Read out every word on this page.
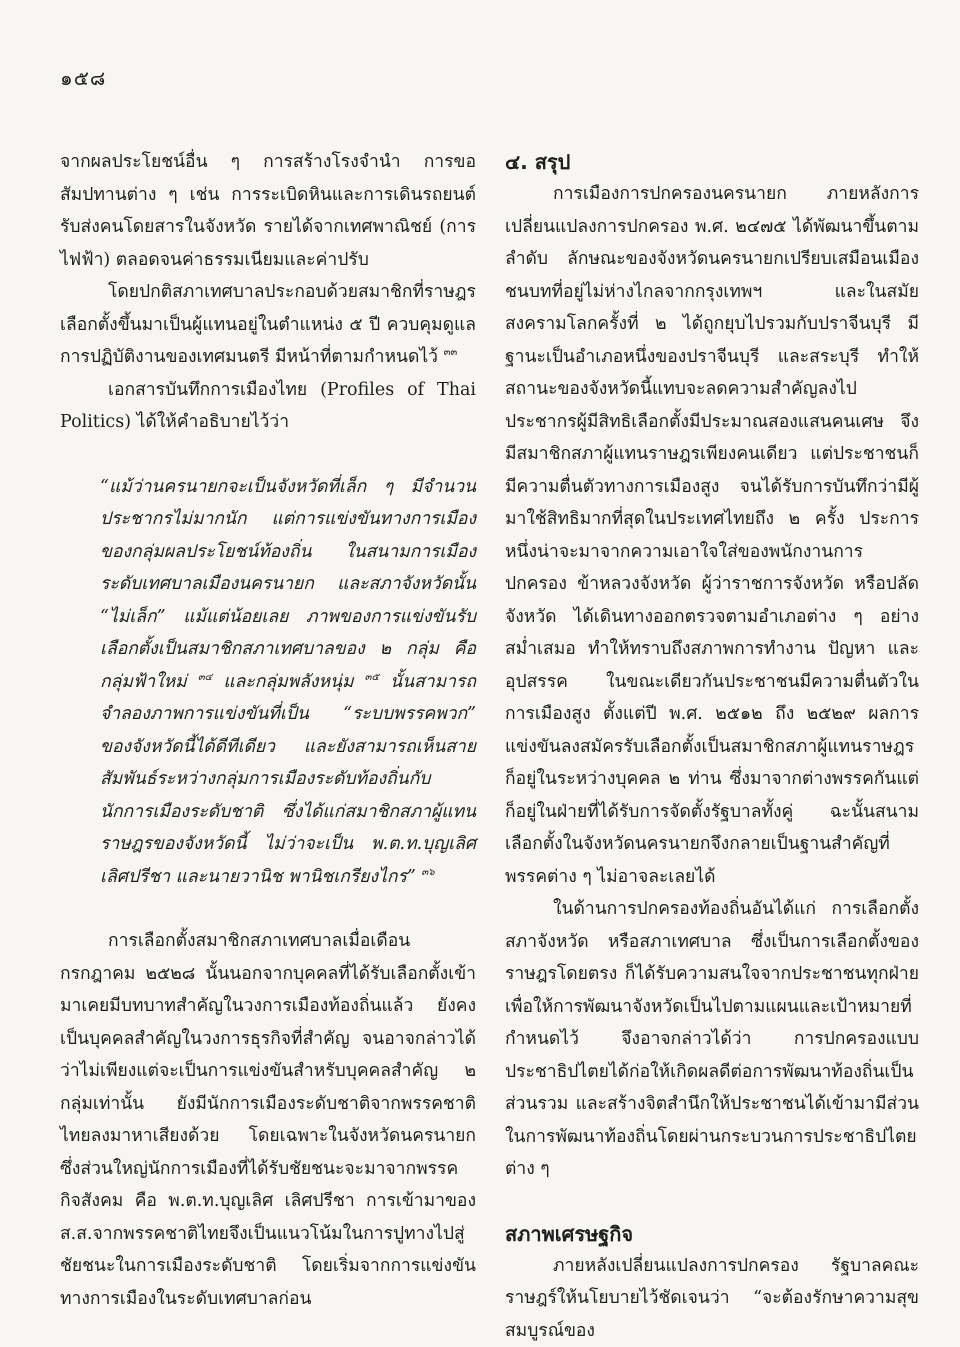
๑๕๘

จากผลประโยชน์อื่น ๆ การสร้างโรงจำนำ การขอสัมปทานต่าง ๆ เช่น การระเบิดหินและการเดินรถยนต์รับส่งคนโดยสารในจังหวัด รายได้จากเทศพาณิชย์ (การไฟฟ้า) ตลอดจนค่าธรรมเนียมและค่าปรับ

โดยปกติสภาเทศบาลประกอบด้วยสมาชิกที่ราษฎรเลือกตั้งขึ้นมาเป็นผู้แทนอยู่ในตำแหน่ง ๕ ปี ควบคุมดูแลการปฏิบัติงานของเทศมนตรี มีหน้าที่ตามกำหนดไว้ $^{๓๓}$

เอกสารบันทึกการเมืองไทย (Profiles of Thai Politics) ได้ให้คำอธิบายไว้ว่า

“แม้ว่านครนายกจะเป็นจังหวัดที่เล็ก ๆ มีจำนวนประชากรไม่มากนัก แต่การแข่งขันทางการเมืองของกลุ่มผลประโยชน์ท้องถิ่น ในสนามการเมืองระดับเทศบาลเมืองนครนายก และสภาจังหวัดนั้น “ไม่เล็ก” แม้แต่น้อยเลย ภาพของการแข่งขันรับเลือกตั้งเป็นสมาชิกสภาเทศบาลของ ๒ กลุ่ม คือ กลุ่มฟ้าใหม่ $^{๓๔}$ และกลุ่มพลังหนุ่ม $^{๓๕}$ นั้นสามารถจำลองภาพการแข่งขันที่เป็น “ระบบพรรคพวก” ของจังหวัดนี้ได้ดีทีเดียว และยังสามารถเห็นสายสัมพันธ์ระหว่างกลุ่มการเมืองระดับท้องถิ่นกับนักการเมืองระดับชาติ ซึ่งได้แก่สมาชิกสภาผู้แทนราษฎรของจังหวัดนี้ ไม่ว่าจะเป็น พ.ต.ท.บุญเลิศ เลิศปรีชา และนายวานิช พานิชเกรียงไกร” $^{๓๖}$

การเลือกตั้งสมาชิกสภาเทศบาลเมื่อเดือนกรกฎาคม ๒๕๒๘ นั้นนอกจากบุคคลที่ได้รับเลือกตั้งเข้ามาเคยมีบทบาทสำคัญในวงการเมืองท้องถิ่นแล้ว ยังคงเป็นบุคคลสำคัญในวงการธุรกิจที่สำคัญ จนอาจกล่าวได้ว่าไม่เพียงแต่จะเป็นการแข่งขันสำหรับบุคคลสำคัญ ๒ กลุ่มเท่านั้น ยังมีนักการเมืองระดับชาติจากพรรคชาติไทยลงมาหาเสียงด้วย โดยเฉพาะในจังหวัดนครนายก ซึ่งส่วนใหญ่นักการเมืองที่ได้รับชัยชนะจะมาจากพรรคกิจสังคม คือ พ.ต.ท.บุญเลิศ เลิศปรีชา การเข้ามาของส.ส.จากพรรคชาติไทยจึงเป็นแนวโน้มในการปูทางไปสู่ชัยชนะในการเมืองระดับชาติ โดยเริ่มจากการแข่งขันทางการเมืองในระดับเทศบาลก่อน

๔. สรุป

การเมืองการปกครองนครนายก ภายหลังการเปลี่ยนแปลงการปกครอง พ.ศ. ๒๔๗๕ ได้พัฒนาขึ้นตามลำดับ ลักษณะของจังหวัดนครนายกเปรียบเสมือนเมืองชนบทที่อยู่ไม่ห่างไกลจากกรุงเทพฯ และในสมัยสงครามโลกครั้งที่ ๒ ได้ถูกยุบไปรวมกับปราจีนบุรี มีฐานะเป็นอำเภอหนึ่งของปราจีนบุรี และสระบุรี ทำให้สถานะของจังหวัดนี้แทบจะลดความสำคัญลงไป ประชากรผู้มีสิทธิเลือกตั้งมีประมาณสองแสนคนเศษ จึงมีสมาชิกสภาผู้แทนราษฎรเพียงคนเดียว แต่ประชาชนก็มีความตื่นตัวทางการเมืองสูง จนได้รับการบันทึกว่ามีผู้มาใช้สิทธิมากที่สุดในประเทศไทยถึง ๒ ครั้ง ประการหนึ่งน่าจะมาจากความเอาใจใส่ของพนักงานการปกครอง ข้าหลวงจังหวัด ผู้ว่าราชการจังหวัด หรือปลัดจังหวัด ได้เดินทางออกตรวจตามอำเภอต่าง ๆ อย่างสม่ำเสมอ ทำให้ทราบถึงสภาพการทำงาน ปัญหา และอุปสรรค ในขณะเดียวกันประชาชนมีความตื่นตัวในการเมืองสูง ตั้งแต่ปี พ.ศ. ๒๕๑๒ ถึง ๒๕๒๙ ผลการแข่งขันลงสมัครรับเลือกตั้งเป็นสมาชิกสภาผู้แทนราษฎรก็อยู่ในระหว่างบุคคล ๒ ท่าน ซึ่งมาจากต่างพรรคกันแต่ก็อยู่ในฝ่ายที่ได้รับการจัดตั้งรัฐบาลทั้งคู่ ฉะนั้นสนามเลือกตั้งในจังหวัดนครนายกจึงกลายเป็นฐานสำคัญที่พรรคต่าง ๆ ไม่อาจละเลยได้

ในด้านการปกครองท้องถิ่นอันได้แก่ การเลือกตั้งสภาจังหวัด หรือสภาเทศบาล ซึ่งเป็นการเลือกตั้งของราษฎรโดยตรง ก็ได้รับความสนใจจากประชาชนทุกฝ่ายเพื่อให้การพัฒนาจังหวัดเป็นไปตามแผนและเป้าหมายที่กำหนดไว้ จึงอาจกล่าวได้ว่า การปกครองแบบประชาธิปไตยได้ก่อให้เกิดผลดีต่อการพัฒนาท้องถิ่นเป็นส่วนรวม และสร้างจิตสำนึกให้ประชาชนได้เข้ามามีส่วนในการพัฒนาท้องถิ่นโดยผ่านกระบวนการประชาธิปไตยต่าง ๆ

สภาพเศรษฐกิจ

ภายหลังเปลี่ยนแปลงการปกครอง รัฐบาลคณะราษฎร์ให้นโยบายไว้ชัดเจนว่า “จะต้องรักษาความสุขสมบูรณ์ของ
